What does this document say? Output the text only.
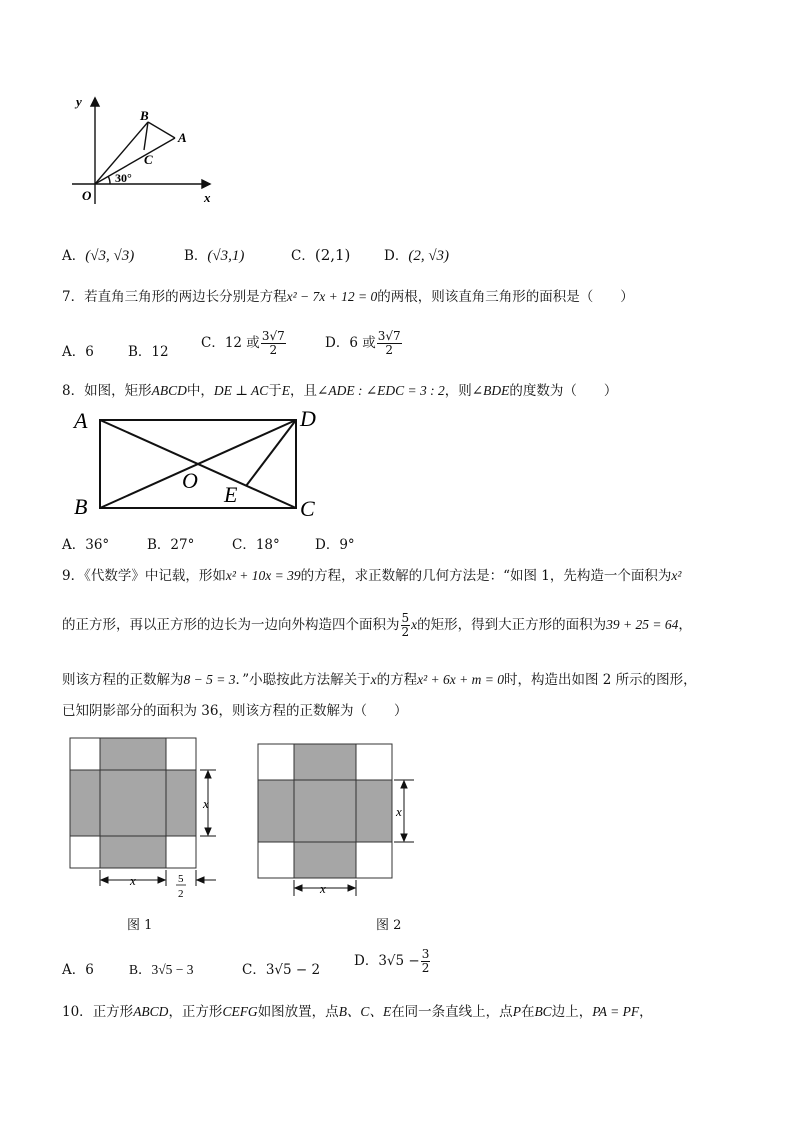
y
x
O
B
A
C
30°
A．(√3, √3)	B．(√3,1)	C．(2,1) D．(2, √3)
7．若直角三角形的两边长分别是方程x² − 7x + 12 = 0的两根，则该直角三角形的面积是（　　）
A．6	B．12
C．12 或 $\frac{3√7}{2}$	D．6 或 $\frac{3√7}{2}$
8．如图，矩形ABCD中，DE ⊥ AC于E，且∠ADE : ∠EDC = 3 : 2，则∠BDE的度数为（　　）
A	D
B	C
O
E
A．36°	B．27°	C．18°	D．9°
9．《代数学》中记载，形如x² + 10x = 39的方程，求正数解的几何方法是：“如图 1，先构造一个面积为x²
的正方形，再以正方形的边长为一边向外构造四个面积为 $\frac{5}{2}$ x的矩形，得到大正方形的面积为39 + 25 = 64，
则该方程的正数解为8 − 5 = 3．”小聪按此方法解关于x的方程x² + 6x + m = 0时，构造出如图 2 所示的图形，
已知阴影部分的面积为 36，则该方程的正数解为（　　）
x
x	5
2
图 1
x
x
图 2
A．6	B．3√5 − 3	C．3√5 − 2
D．$3√5 - \frac{3}{2}$
10．正方形ABCD，正方形CEFG如图放置，点B、C、E在同一条直线上，点P在BC边上，PA = PF，
